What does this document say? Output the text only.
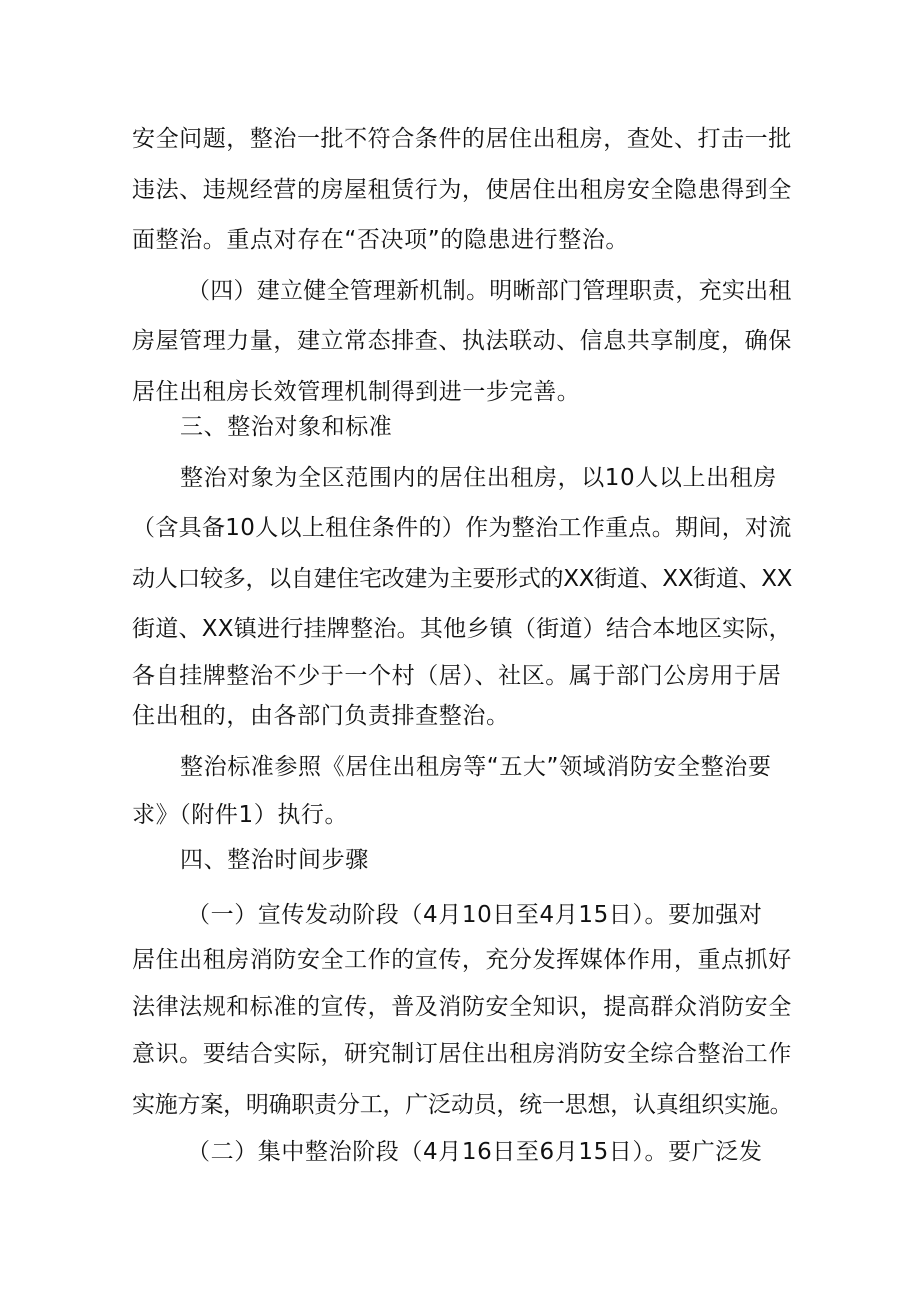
安全问题，整治一批不符合条件的居住出租房，查处、打击一批
违法、违规经营的房屋租赁行为，使居住出租房安全隐患得到全
面整治。重点对存在“否决项”的隐患进行整治。
（四）建立健全管理新机制。明晰部门管理职责，充实出租
房屋管理力量，建立常态排查、执法联动、信息共享制度，确保
居住出租房长效管理机制得到进一步完善。
三、整治对象和标准
整治对象为全区范围内的居住出租房，以10人以上出租房
（含具备10人以上租住条件的）作为整治工作重点。期间，对流
动人口较多，以自建住宅改建为主要形式的XX街道、XX街道、XX
街道、XX镇进行挂牌整治。其他乡镇（街道）结合本地区实际，
各自挂牌整治不少于一个村（居）、社区。属于部门公房用于居
住出租的，由各部门负责排查整治。
整治标准参照《居住出租房等“五大”领域消防安全整治要
求》（附件1）执行。
四、整治时间步骤
（一）宣传发动阶段（4月10日至4月15日）。要加强对
居住出租房消防安全工作的宣传，充分发挥媒体作用，重点抓好
法律法规和标准的宣传，普及消防安全知识，提高群众消防安全
意识。要结合实际，研究制订居住出租房消防安全综合整治工作
实施方案，明确职责分工，广泛动员，统一思想，认真组织实施。
（二）集中整治阶段（4月16日至6月15日）。要广泛发
